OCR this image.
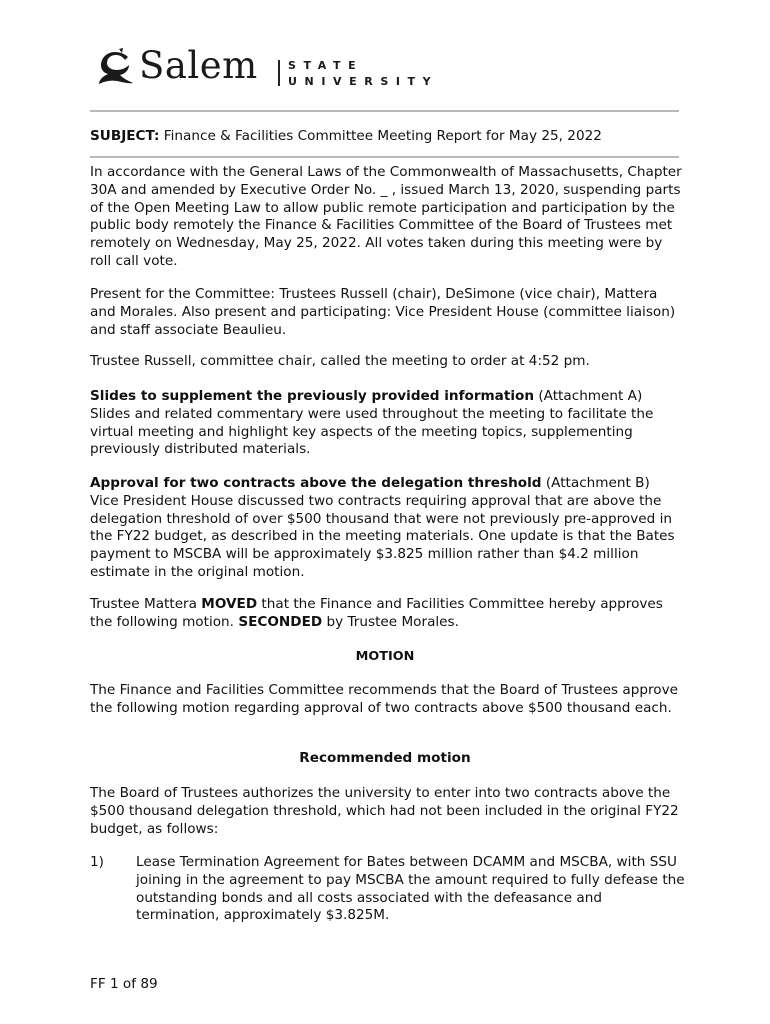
Salem	STATE
UNIVERSITY
SUBJECT: Finance & Facilities Committee Meeting Report for May 25, 2022

In accordance with the General Laws of the Commonwealth of Massachusetts, Chapter 30A and amended by Executive Order No. _ , issued March 13, 2020, suspending parts of the Open Meeting Law to allow public remote participation and participation by the public body remotely the Finance & Facilities Committee of the Board of Trustees met remotely on Wednesday, May 25, 2022. All votes taken during this meeting were by roll call vote.

Present for the Committee: Trustees Russell (chair), DeSimone (vice chair), Mattera and Morales. Also present and participating: Vice President House (committee liaison) and staff associate Beaulieu.

Trustee Russell, committee chair, called the meeting to order at 4:52 pm.

Slides to supplement the previously provided information (Attachment A)
Slides and related commentary were used throughout the meeting to facilitate the virtual meeting and highlight key aspects of the meeting topics, supplementing previously distributed materials.
Approval for two contracts above the delegation threshold (Attachment B)
Vice President House discussed two contracts requiring approval that are above the delegation threshold of over $500 thousand that were not previously pre-approved in the FY22 budget, as described in the meeting materials. One update is that the Bates payment to MSCBA will be approximately $3.825 million rather than $4.2 million estimate in the original motion.
Trustee Mattera MOVED that the Finance and Facilities Committee hereby approves the following motion. SECONDED by Trustee Morales.
MOTION

The Finance and Facilities Committee recommends that the Board of Trustees approve the following motion regarding approval of two contracts above $500 thousand each.

Recommended motion

The Board of Trustees authorizes the university to enter into two contracts above the $500 thousand delegation threshold, which had not been included in the original FY22 budget, as follows:

1) Lease Termination Agreement for Bates between DCAMM and MSCBA, with SSU joining in the agreement to pay MSCBA the amount required to fully defease the outstanding bonds and all costs associated with the defeasance and termination, approximately $3.825M.
FF 1 of 89
